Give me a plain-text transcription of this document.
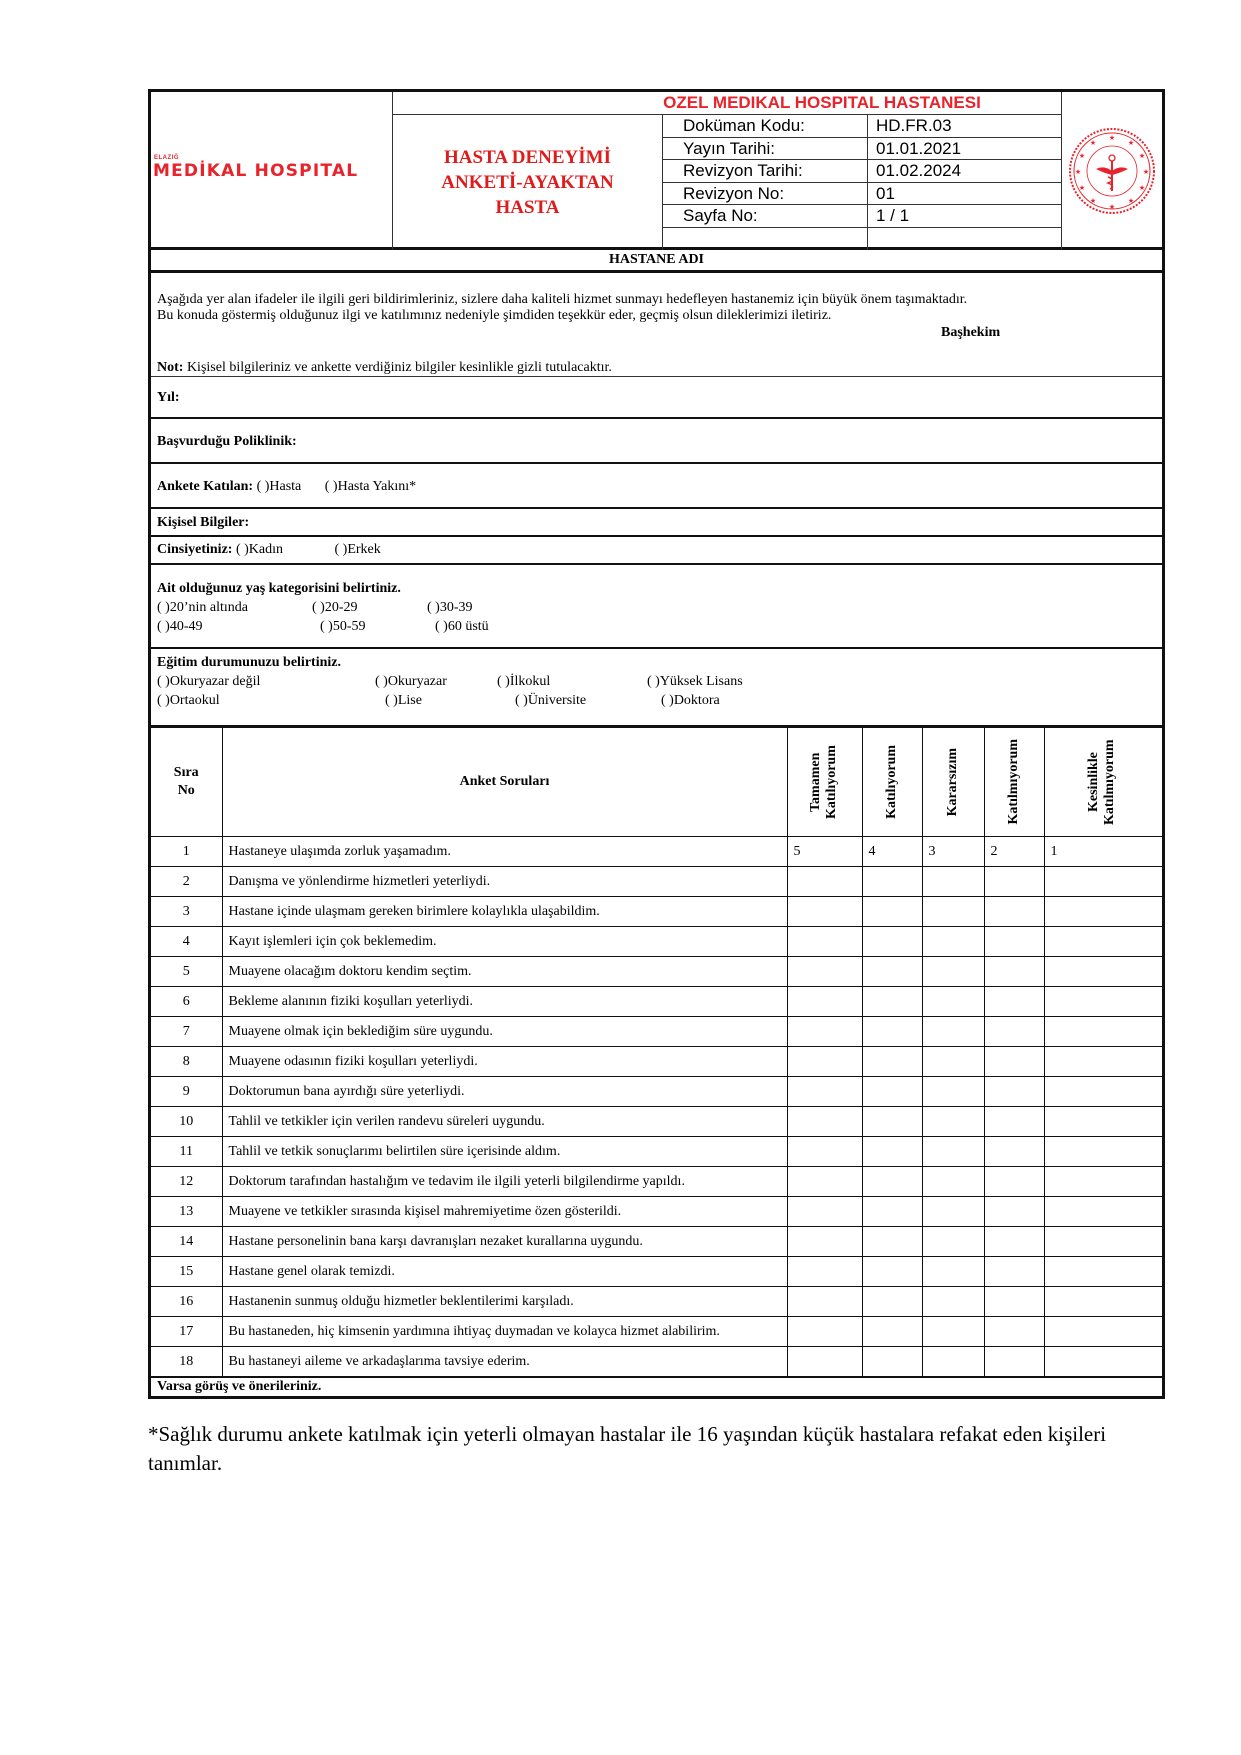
ELAZIĞ
MEDİKAL HOSPITAL
OZEL MEDIKAL HOSPITAL HASTANESI
HASTA DENEYİMİ
ANKETİ-AYAKTAN
HASTA
Doküman Kodu:	HD.FR.03
Yayın Tarihi:	01.01.2021
Revizyon Tarihi:	01.02.2024
Revizyon No:	01
Sayfa No:	1 / 1
★
★	★
★	★
★	★
★	★
★	★
★
HASTANE ADI

Aşağıda yer alan ifadeler ile ilgili geri bildirimleriniz, sizlere daha kaliteli hizmet sunmayı hedefleyen hastanemiz için büyük önem taşımaktadır.

Bu konuda göstermiş olduğunuz ilgi ve katılımınız nedeniyle şimdiden teşekkür eder, geçmiş olsun dileklerimizi iletiriz.

Başhekim
Not: Kişisel bilgileriniz ve ankette verdiğiniz bilgiler kesinlikle gizli tutulacaktır.
Yıl:
Başvurduğu Poliklinik:
Ankete Katılan: ( )Hasta ( )Hasta Yakını*
Kişisel Bilgiler:
Cinsiyetiniz: ( )Kadın	( )Erkek
Ait olduğunuz yaş kategorisini belirtiniz.
( )20’nin altında	( )20-29	( )30-39
( )40-49	( )50-59	( )60 üstü
Eğitim durumunuzu belirtiniz.
( )Okuryazar değil	( )Okuryazar	( )İlkokul	( )Yüksek Lisans
( )Ortaokul	( )Lise	( )Üniversite	( )Doktora
Sıra No	Anket Soruları	Tamamen Katılıyorum	Katılıyorum	Kararsızım	Katılmıyorum	Kesinlikle Katılmıyorum

1	Hastaneye ulaşımda zorluk yaşamadım.	5	4	3	2	1
2	Danışma ve yönlendirme hizmetleri yeterliydi.					
3	Hastane içinde ulaşmam gereken birimlere kolaylıkla ulaşabildim.					
4	Kayıt işlemleri için çok beklemedim.					
5	Muayene olacağım doktoru kendim seçtim.					
6	Bekleme alanının fiziki koşulları yeterliydi.					
7	Muayene olmak için beklediğim süre uygundu.					
8	Muayene odasının fiziki koşulları yeterliydi.					
9	Doktorumun bana ayırdığı süre yeterliydi.					
10	Tahlil ve tetkikler için verilen randevu süreleri uygundu.					
11	Tahlil ve tetkik sonuçlarımı belirtilen süre içerisinde aldım.					
12	Doktorum tarafından hastalığım ve tedavim ile ilgili yeterli bilgilendirme yapıldı.					
13	Muayene ve tetkikler sırasında kişisel mahremiyetime özen gösterildi.					
14	Hastane personelinin bana karşı davranışları nezaket kurallarına uygundu.					
15	Hastane genel olarak temizdi.					
16	Hastanenin sunmuş olduğu hizmetler beklentilerimi karşıladı.					
17	Bu hastaneden, hiç kimsenin yardımına ihtiyaç duymadan ve kolayca hizmet alabilirim.					
18	Bu hastaneyi aileme ve arkadaşlarıma tavsiye ederim.					
Varsa görüş ve önerileriniz.
*Sağlık durumu ankete katılmak için yeterli olmayan hastalar ile 16 yaşından küçük hastalara refakat eden kişileri tanımlar.
